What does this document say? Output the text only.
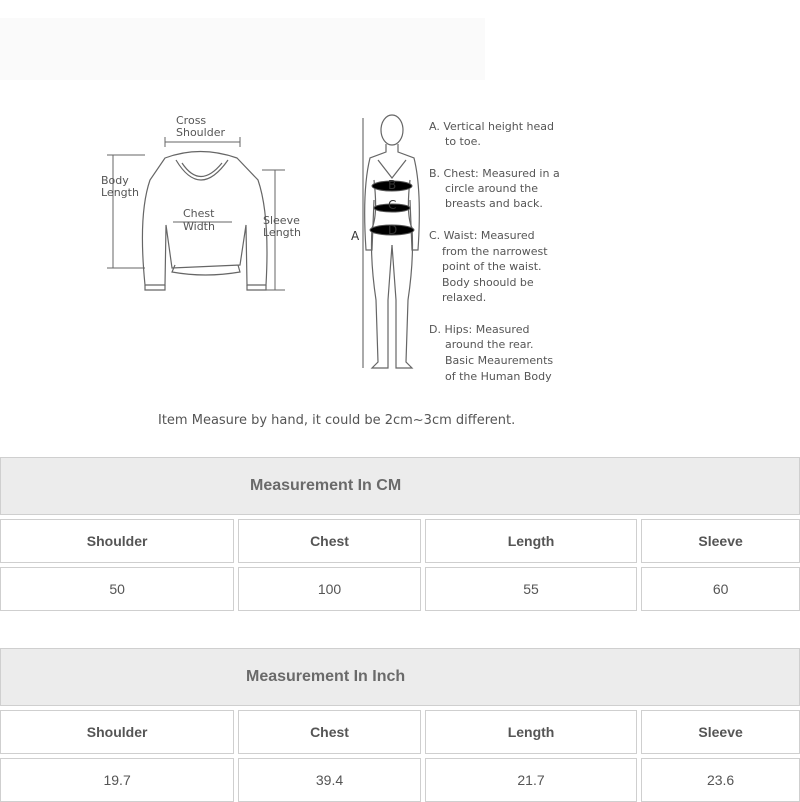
Cross
Shoulder
Body
Length
Chest
Width	Sleeve
Length	A
B
C
D
A. Vertical height head
to toe.
B. Chest: Measured in a
circle around the
breasts and back.
C. Waist: Measured
from the narrowest
point of the waist.
Body shoould be
relaxed.
D. Hips: Measured
around the rear.
Basic Meaurements
of the Human Body
Item Measure by hand, it could be 2cm~3cm different.
Measurement In CM
Shoulder	Chest	Length	Sleeve
50	100	55	60
Measurement In Inch
Shoulder	Chest	Length	Sleeve
19.7	39.4	21.7	23.6
